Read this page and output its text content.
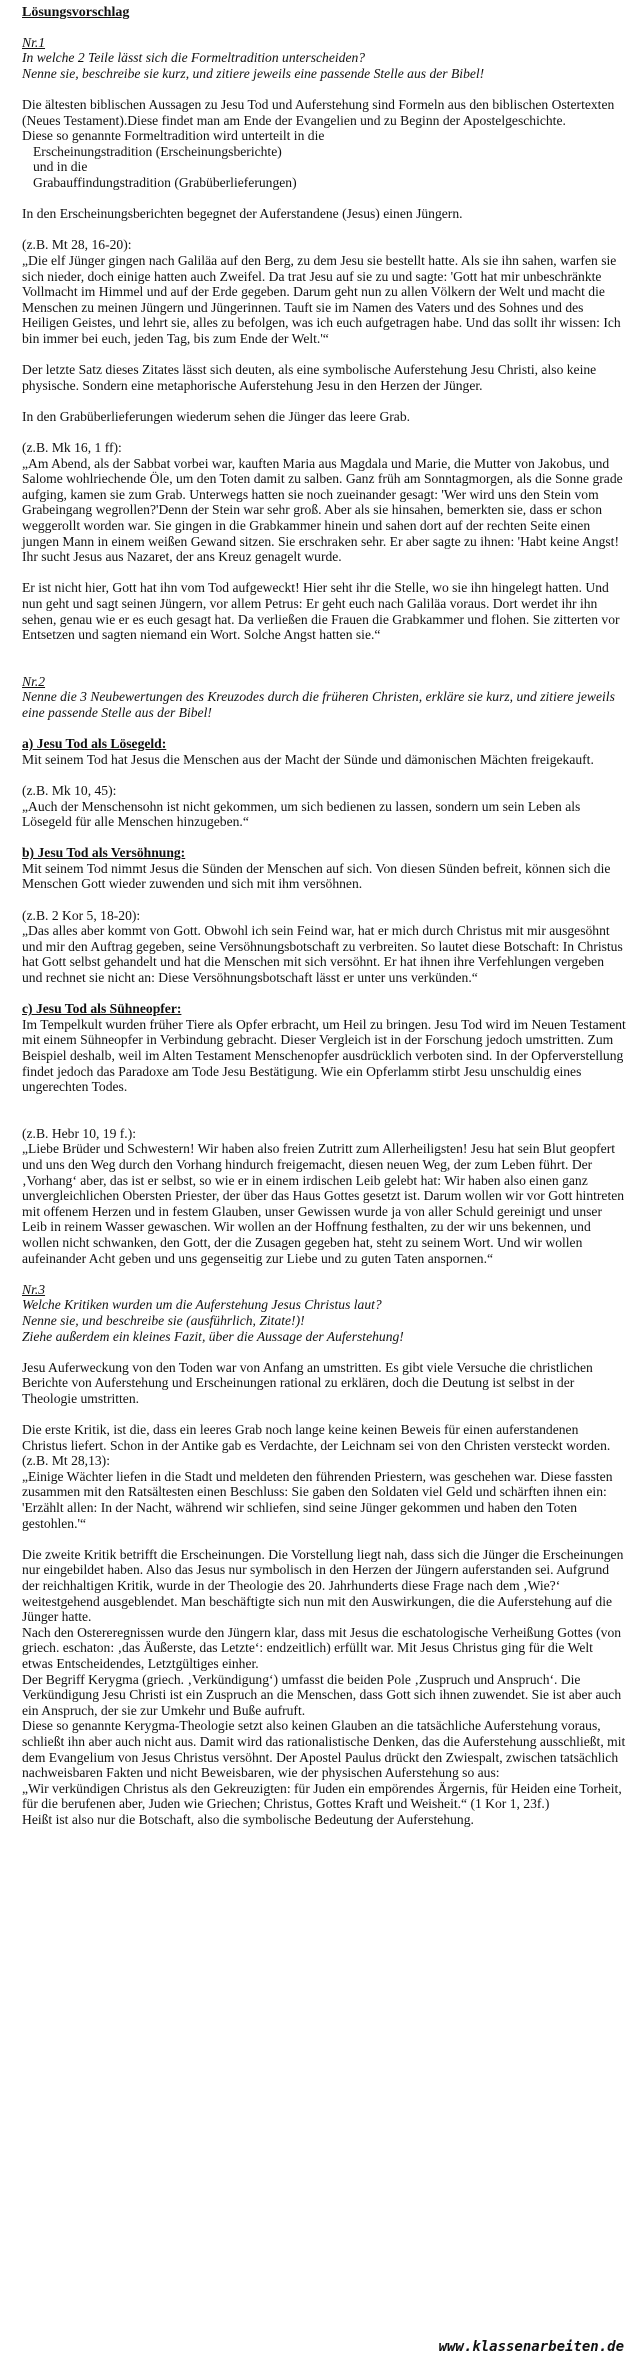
Lösungsvorschlag

Nr.1

In welche 2 Teile lässt sich die Formeltradition unterscheiden?

Nenne sie, beschreibe sie kurz, und zitiere jeweils eine passende Stelle aus der Bibel!

Die ältesten biblischen Aussagen zu Jesu Tod und Auferstehung sind Formeln aus den biblischen Ostertexten (Neues Testament).Diese findet man am Ende der Evangelien und zu Beginn der Apostelgeschichte.

Diese so genannte Formeltradition wird unterteilt in die

Erscheinungstradition (Erscheinungsberichte)

und in die

Grabauffindungstradition (Grabüberlieferungen)

In den Erscheinungsberichten begegnet der Auferstandene (Jesus) einen Jüngern.

(z.B. Mt 28, 16-20):

„Die elf Jünger gingen nach Galiläa auf den Berg, zu dem Jesu sie bestellt hatte. Als sie ihn sahen, warfen sie sich nieder, doch einige hatten auch Zweifel. Da trat Jesu auf sie zu und sagte: 'Gott hat mir unbeschränkte Vollmacht im Himmel und auf der Erde gegeben. Darum geht nun zu allen Völkern der Welt und macht die Menschen zu meinen Jüngern und Jüngerinnen. Tauft sie im Namen des Vaters und des Sohnes und des Heiligen Geistes, und lehrt sie, alles zu befolgen, was ich euch aufgetragen habe. Und das sollt ihr wissen: Ich bin immer bei euch, jeden Tag, bis zum Ende der Welt.'“

Der letzte Satz dieses Zitates lässt sich deuten, als eine symbolische Auferstehung Jesu Christi, also keine physische. Sondern eine metaphorische Auferstehung Jesu in den Herzen der Jünger.

In den Grabüberlieferungen wiederum sehen die Jünger das leere Grab.

(z.B. Mk 16, 1 ff):

„Am Abend, als der Sabbat vorbei war, kauften Maria aus Magdala und Marie, die Mutter von Jakobus, und Salome wohlriechende Öle, um den Toten damit zu salben. Ganz früh am Sonntagmorgen, als die Sonne grade aufging, kamen sie zum Grab. Unterwegs hatten sie noch zueinander gesagt: 'Wer wird uns den Stein vom Grabeingang wegrollen?'Denn der Stein war sehr groß. Aber als sie hinsahen, bemerkten sie, dass er schon weggerollt worden war. Sie gingen in die Grabkammer hinein und sahen dort auf der rechten Seite einen jungen Mann in einem weißen Gewand sitzen. Sie erschraken sehr. Er aber sagte zu ihnen: 'Habt keine Angst! Ihr sucht Jesus aus Nazaret, der ans Kreuz genagelt wurde.

Er ist nicht hier, Gott hat ihn vom Tod aufgeweckt! Hier seht ihr die Stelle, wo sie ihn hingelegt hatten. Und nun geht und sagt seinen Jüngern, vor allem Petrus: Er geht euch nach Galiläa voraus. Dort werdet ihr ihn sehen, genau wie er es euch gesagt hat. Da verließen die Frauen die Grabkammer und flohen. Sie zitterten vor Entsetzen und sagten niemand ein Wort. Solche Angst hatten sie.“

Nr.2

Nenne die 3 Neubewertungen des Kreuzodes durch die früheren Christen, erkläre sie kurz, und zitiere jeweils eine passende Stelle aus der Bibel!

a) Jesu Tod als Lösegeld:

Mit seinem Tod hat Jesus die Menschen aus der Macht der Sünde und dämonischen Mächten freigekauft.

(z.B. Mk 10, 45):

„Auch der Menschensohn ist nicht gekommen, um sich bedienen zu lassen, sondern um sein Leben als Lösegeld für alle Menschen hinzugeben.“

b) Jesu Tod als Versöhnung:

Mit seinem Tod nimmt Jesus die Sünden der Menschen auf sich. Von diesen Sünden befreit, können sich die Menschen Gott wieder zuwenden und sich mit ihm versöhnen.

(z.B. 2 Kor 5, 18-20):

„Das alles aber kommt von Gott. Obwohl ich sein Feind war, hat er mich durch Christus mit mir ausgesöhnt und mir den Auftrag gegeben, seine Versöhnungsbotschaft zu verbreiten. So lautet diese Botschaft: In Christus hat Gott selbst gehandelt und hat die Menschen mit sich versöhnt. Er hat ihnen ihre Verfehlungen vergeben und rechnet sie nicht an: Diese Versöhnungsbotschaft lässt er unter uns verkünden.“

c) Jesu Tod als Sühneopfer:

Im Tempelkult wurden früher Tiere als Opfer erbracht, um Heil zu bringen. Jesu Tod wird im Neuen Testament mit einem Sühneopfer in Verbindung gebracht. Dieser Vergleich ist in der Forschung jedoch umstritten. Zum Beispiel deshalb, weil im Alten Testament Menschenopfer ausdrücklich verboten sind. In der Opferverstellung findet jedoch das Paradoxe am Tode Jesu Bestätigung. Wie ein Opferlamm stirbt Jesu unschuldig eines ungerechten Todes.

(z.B. Hebr 10, 19 f.):

„Liebe Brüder und Schwestern! Wir haben also freien Zutritt zum Allerheiligsten! Jesu hat sein Blut geopfert und uns den Weg durch den Vorhang hindurch freigemacht, diesen neuen Weg, der zum Leben führt. Der ‚Vorhang‘ aber, das ist er selbst, so wie er in einem irdischen Leib gelebt hat: Wir haben also einen ganz unvergleichlichen Obersten Priester, der über das Haus Gottes gesetzt ist. Darum wollen wir vor Gott hintreten mit offenem Herzen und in festem Glauben, unser Gewissen wurde ja von aller Schuld gereinigt und unser Leib in reinem Wasser gewaschen. Wir wollen an der Hoffnung festhalten, zu der wir uns bekennen, und wollen nicht schwanken, den Gott, der die Zusagen gegeben hat, steht zu seinem Wort. Und wir wollen aufeinander Acht geben und uns gegenseitig zur Liebe und zu guten Taten anspornen.“

Nr.3

Welche Kritiken wurden um die Auferstehung Jesus Christus laut?

Nenne sie, und beschreibe sie (ausführlich, Zitate!)!

Ziehe außerdem ein kleines Fazit, über die Aussage der Auferstehung!

Jesu Auferweckung von den Toden war von Anfang an umstritten. Es gibt viele Versuche die christlichen Berichte von Auferstehung und Erscheinungen rational zu erklären, doch die Deutung ist selbst in der Theologie umstritten.

Die erste Kritik, ist die, dass ein leeres Grab noch lange keine keinen Beweis für einen auferstandenen Christus liefert. Schon in der Antike gab es Verdachte, der Leichnam sei von den Christen versteckt worden.

(z.B. Mt 28,13):

„Einige Wächter liefen in die Stadt und meldeten den führenden Priestern, was geschehen war. Diese fassten zusammen mit den Ratsältesten einen Beschluss: Sie gaben den Soldaten viel Geld und schärften ihnen ein: 'Erzählt allen: In der Nacht, während wir schliefen, sind seine Jünger gekommen und haben den Toten gestohlen.'“

Die zweite Kritik betrifft die Erscheinungen. Die Vorstellung liegt nah, dass sich die Jünger die Erscheinungen nur eingebildet haben. Also das Jesus nur symbolisch in den Herzen der Jüngern auferstanden sei. Aufgrund der reichhaltigen Kritik, wurde in der Theologie des 20. Jahrhunderts diese Frage nach dem ‚Wie?‘ weitestgehend ausgeblendet. Man beschäftigte sich nun mit den Auswirkungen, die die Auferstehung auf die Jünger hatte.

Nach den Ostereregnissen wurde den Jüngern klar, dass mit Jesus die eschatologische Verheißung Gottes (von griech. eschaton: ‚das Äußerste, das Letzte‘: endzeitlich) erfüllt war. Mit Jesus Christus ging für die Welt etwas Entscheidendes, Letztgültiges einher.

Der Begriff Kerygma (griech. ‚Verkündigung‘) umfasst die beiden Pole ‚Zuspruch und Anspruch‘. Die Verkündigung Jesu Christi ist ein Zuspruch an die Menschen, dass Gott sich ihnen zuwendet. Sie ist aber auch ein Anspruch, der sie zur Umkehr und Buße aufruft.

Diese so genannte Kerygma-Theologie setzt also keinen Glauben an die tatsächliche Auferstehung voraus, schließt ihn aber auch nicht aus. Damit wird das rationalistische Denken, das die Auferstehung ausschließt, mit dem Evangelium von Jesus Christus versöhnt. Der Apostel Paulus drückt den Zwiespalt, zwischen tatsächlich nachweisbaren Fakten und nicht Beweisbaren, wie der physischen Auferstehung so aus:

„Wir verkündigen Christus als den Gekreuzigten: für Juden ein empörendes Ärgernis, für Heiden eine Torheit, für die berufenen aber, Juden wie Griechen; Christus, Gottes Kraft und Weisheit.“ (1 Kor 1, 23f.)

Heißt ist also nur die Botschaft, also die symbolische Bedeutung der Auferstehung.

www.klassenarbeiten.de
